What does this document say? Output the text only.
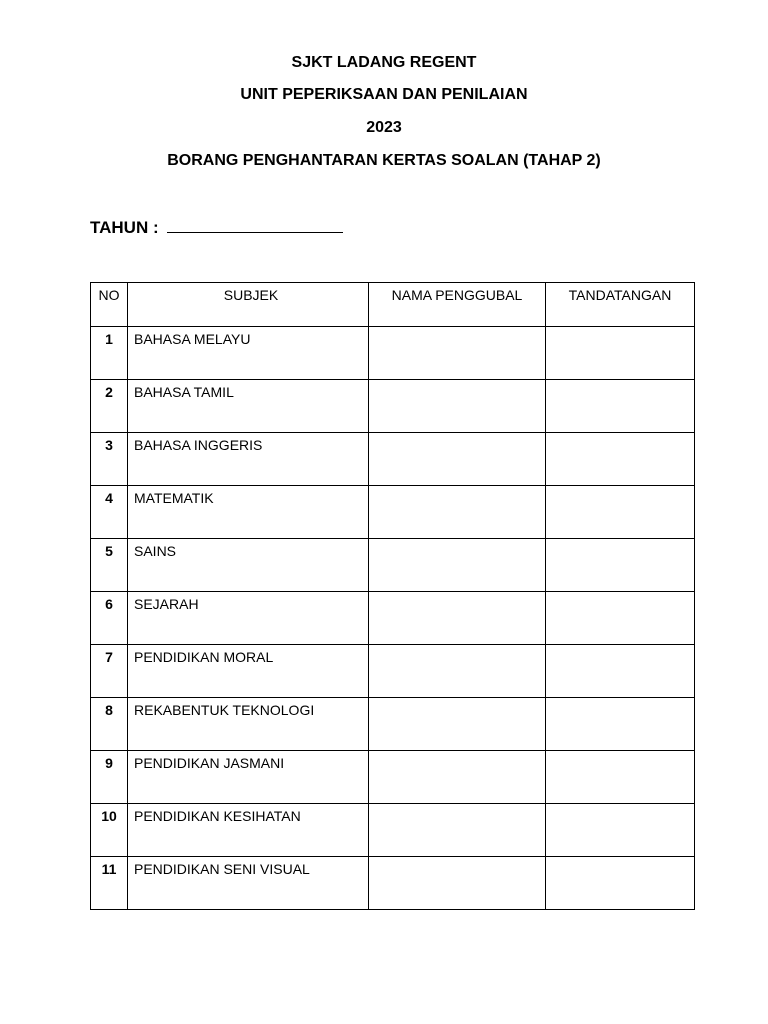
SJKT LADANG REGENT
UNIT PEPERIKSAAN DAN PENILAIAN
2023
BORANG PENGHANTARAN KERTAS SOALAN (TAHAP 2)
TAHUN :
NO	SUBJEK	NAMA PENGGUBAL	TANDATANGAN
1	BAHASA MELAYU		
2	BAHASA TAMIL		
3	BAHASA INGGERIS		
4	MATEMATIK		
5	SAINS		
6	SEJARAH		
7	PENDIDIKAN MORAL		
8	REKABENTUK TEKNOLOGI		
9	PENDIDIKAN JASMANI		
10	PENDIDIKAN KESIHATAN		
11	PENDIDIKAN SENI VISUAL		
